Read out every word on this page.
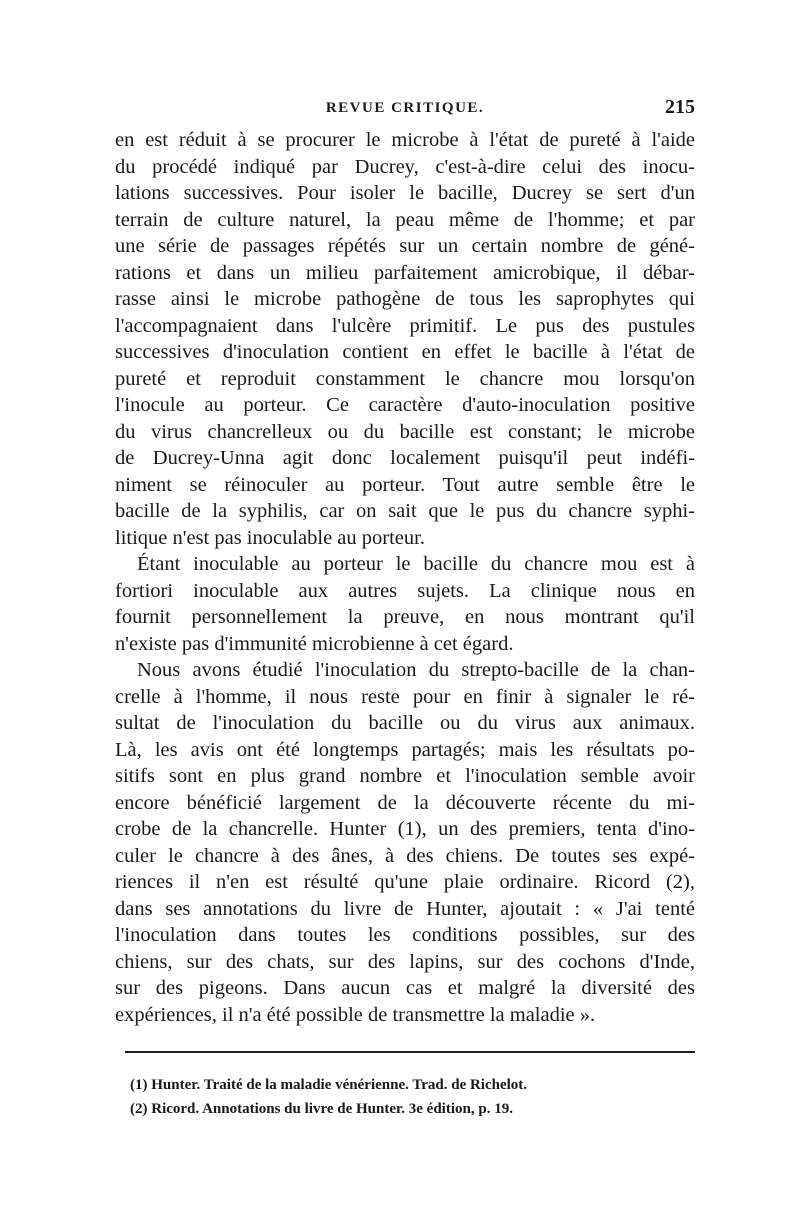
REVUE CRITIQUE.	215
en est réduit à se procurer le microbe à l'état de pureté à l'aide
du procédé indiqué par Ducrey, c'est-à-dire celui des inocu-
lations successives. Pour isoler le bacille, Ducrey se sert d'un
terrain de culture naturel, la peau même de l'homme; et par
une série de passages répétés sur un certain nombre de géné-
rations et dans un milieu parfaitement amicrobique, il débar-
rasse ainsi le microbe pathogène de tous les saprophytes qui
l'accompagnaient dans l'ulcère primitif. Le pus des pustules
successives d'inoculation contient en effet le bacille à l'état de
pureté et reproduit constamment le chancre mou lorsqu'on
l'inocule au porteur. Ce caractère d'auto-inoculation positive
du virus chancrelleux ou du bacille est constant; le microbe
de Ducrey-Unna agit donc localement puisqu'il peut indéfi-
niment se réinoculer au porteur. Tout autre semble être le
bacille de la syphilis, car on sait que le pus du chancre syphi-
litique n'est pas inoculable au porteur.
Étant inoculable au porteur le bacille du chancre mou est à
fortiori inoculable aux autres sujets. La clinique nous en
fournit personnellement la preuve, en nous montrant qu'il
n'existe pas d'immunité microbienne à cet égard.
Nous avons étudié l'inoculation du strepto-bacille de la chan-
crelle à l'homme, il nous reste pour en finir à signaler le ré-
sultat de l'inoculation du bacille ou du virus aux animaux.
Là, les avis ont été longtemps partagés; mais les résultats po-
sitifs sont en plus grand nombre et l'inoculation semble avoir
encore bénéficié largement de la découverte récente du mi-
crobe de la chancrelle. Hunter (1), un des premiers, tenta d'ino-
culer le chancre à des ânes, à des chiens. De toutes ses expé-
riences il n'en est résulté qu'une plaie ordinaire. Ricord (2),
dans ses annotations du livre de Hunter, ajoutait : « J'ai tenté
l'inoculation dans toutes les conditions possibles, sur des
chiens, sur des chats, sur des lapins, sur des cochons d'Inde,
sur des pigeons. Dans aucun cas et malgré la diversité des
expériences, il n'a été possible de transmettre la maladie ».
(1) Hunter. Traité de la maladie vénérienne. Trad. de Richelot.
(2) Ricord. Annotations du livre de Hunter. 3e édition, p. 19.
